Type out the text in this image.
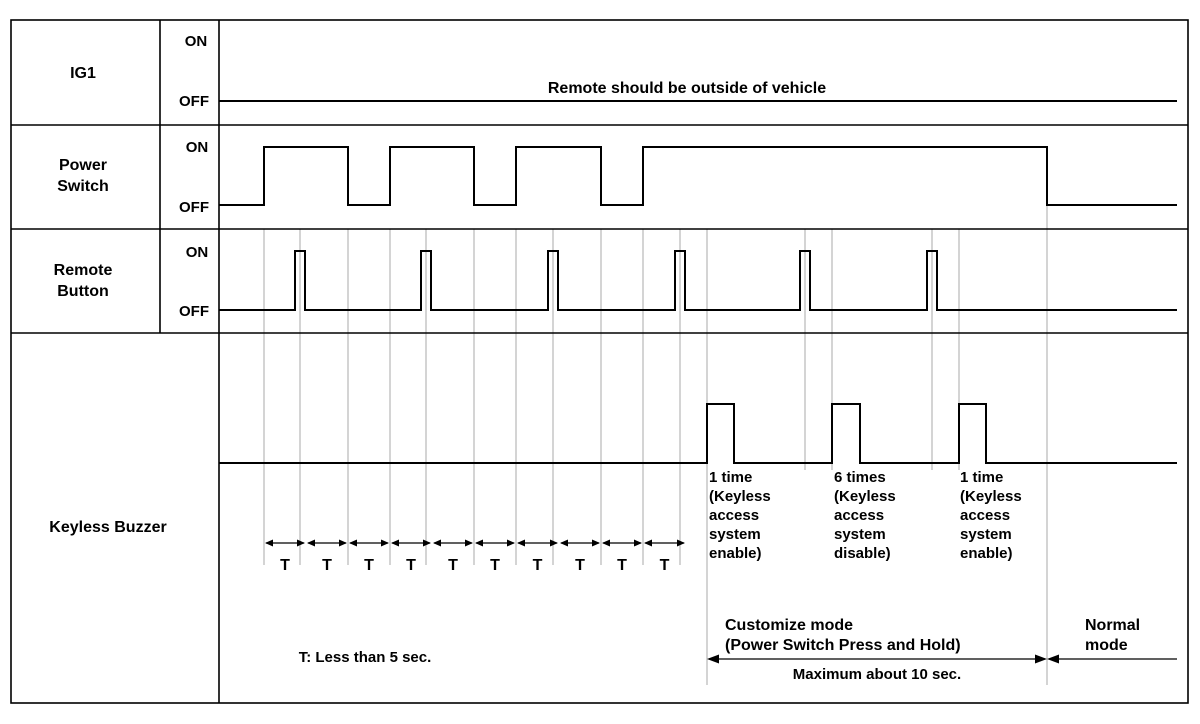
IG1
ON
OFF
Remote should be outside of vehicle
Power
Switch
ON
OFF
Remote
Button
ON
OFF
Keyless Buzzer
1 time
(Keyless
access
system
enable)
6 times
(Keyless
access
system
disable)
1 time
(Keyless
access
system
enable)
T T T T T T T T T T
T: Less than 5 sec.
Customize mode
(Power Switch Press and Hold)
Maximum about 10 sec.
Normal
mode
